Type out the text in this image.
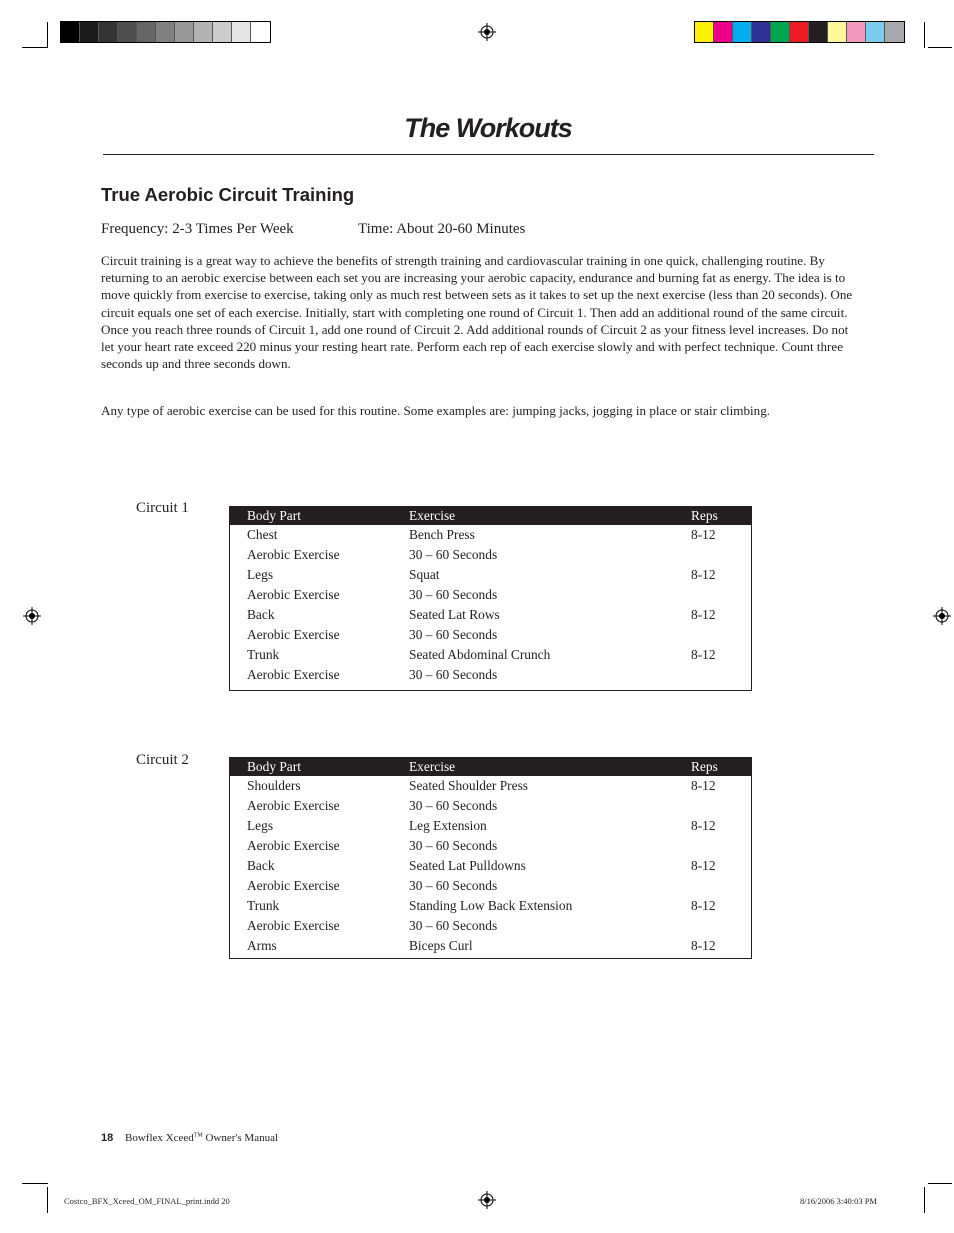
The Workouts
True Aerobic Circuit Training
Frequency: 2-3 Times Per Week	Time: About 20-60 Minutes

Circuit training is a great way to achieve the benefits of strength training and cardiovascular training in one quick, challenging routine. By returning to an aerobic exercise between each set you are increasing your aerobic capacity, endurance and burning fat as energy. The idea is to move quickly from exercise to exercise, taking only as much rest between sets as it takes to set up the next exercise (less than 20 seconds). One circuit equals one set of each exercise. Initially, start with completing one round of Circuit 1. Then add an additional round of the same circuit. Once you reach three rounds of Circuit 1, add one round of Circuit 2. Add additional rounds of Circuit 2 as your fitness level increases. Do not let your heart rate exceed 220 minus your resting heart rate. Perform each rep of each exercise slowly and with perfect technique. Count three seconds up and three seconds down.

Any type of aerobic exercise can be used for this routine. Some examples are: jumping jacks, jogging in place or stair climbing.

Circuit 1	Body Part	Exercise	Reps
Chest	Bench Press	8-12
Aerobic Exercise	30 – 60 Seconds
Legs	Squat	8-12
Aerobic Exercise	30 – 60 Seconds
Back	Seated Lat Rows	8-12
Aerobic Exercise	30 – 60 Seconds
Trunk	Seated Abdominal Crunch	8-12
Aerobic Exercise	30 – 60 Seconds
Circuit 2	Body Part	Exercise	Reps
Shoulders	Seated Shoulder Press	8-12
Aerobic Exercise	30 – 60 Seconds
Legs	Leg Extension	8-12
Aerobic Exercise	30 – 60 Seconds
Back	Seated Lat Pulldowns	8-12
Aerobic Exercise	30 – 60 Seconds
Trunk	Standing Low Back Extension	8-12
Aerobic Exercise	30 – 60 Seconds
Arms	Biceps Curl	8-12
18 Bowflex Xceed™ Owner's Manual
Costco_BFX_Xceed_OM_FINAL_print.indd 20	8/16/2006 3:40:03 PM
